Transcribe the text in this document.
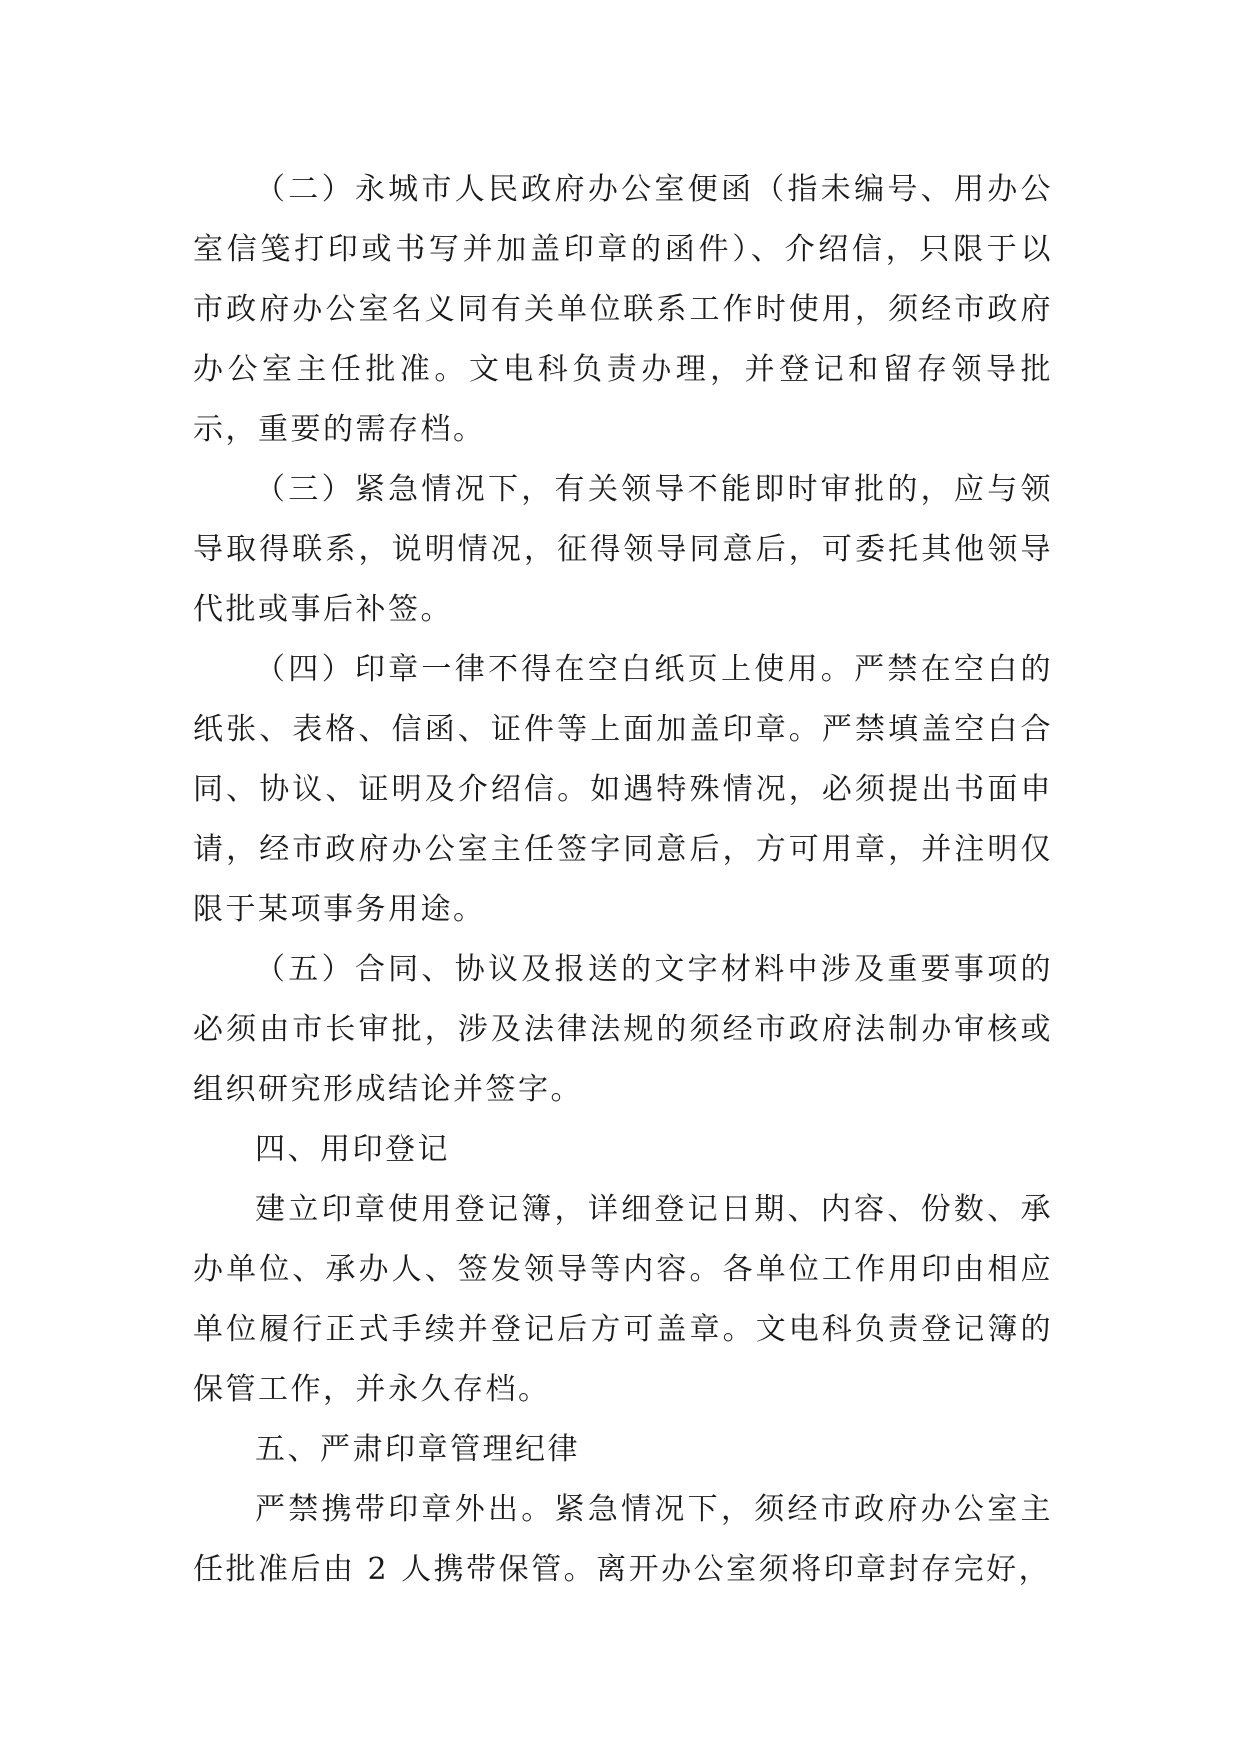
（二）永城市人民政府办公室便函（指未编号、用办公室信笺打印或书写并加盖印章的函件）、介绍信，只限于以市政府办公室名义同有关单位联系工作时使用，须经市政府办公室主任批准。文电科负责办理，并登记和留存领导批示，重要的需存档。

（三）紧急情况下，有关领导不能即时审批的，应与领导取得联系，说明情况，征得领导同意后，可委托其他领导代批或事后补签。

（四）印章一律不得在空白纸页上使用。严禁在空白的纸张、表格、信函、证件等上面加盖印章。严禁填盖空白合同、协议、证明及介绍信。如遇特殊情况，必须提出书面申请，经市政府办公室主任签字同意后，方可用章，并注明仅限于某项事务用途。

（五）合同、协议及报送的文字材料中涉及重要事项的必须由市长审批，涉及法律法规的须经市政府法制办审核或组织研究形成结论并签字。

四、用印登记

建立印章使用登记簿，详细登记日期、内容、份数、承办单位、承办人、签发领导等内容。各单位工作用印由相应单位履行正式手续并登记后方可盖章。文电科负责登记簿的保管工作，并永久存档。

五、严肃印章管理纪律

严禁携带印章外出。紧急情况下，须经市政府办公室主任批准后由 2 人携带保管。离开办公室须将印章封存完好，
